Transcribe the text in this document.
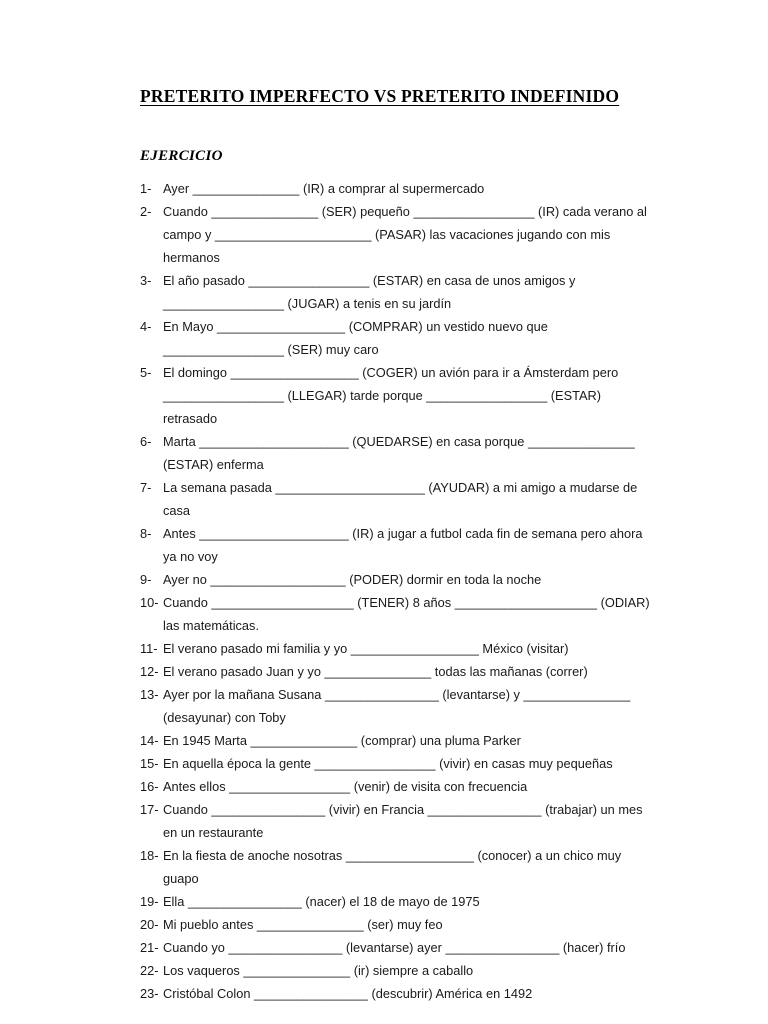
PRETERITO IMPERFECTO VS PRETERITO INDEFINIDO
EJERCICIO
1- Ayer _______________ (IR) a comprar al supermercado
2- Cuando _______________ (SER) pequeño _________________ (IR) cada verano al campo y ______________________ (PASAR) las vacaciones jugando con mis hermanos
3- El año pasado _________________ (ESTAR) en casa de unos amigos y _________________ (JUGAR) a tenis en su jardín
4- En Mayo __________________ (COMPRAR) un vestido nuevo que _________________ (SER) muy caro
5- El domingo __________________ (COGER) un avión para ir a Ámsterdam pero _________________ (LLEGAR) tarde porque _________________ (ESTAR) retrasado
6- Marta _____________________ (QUEDARSE) en casa porque _______________ (ESTAR) enferma
7- La semana pasada _____________________ (AYUDAR) a mi amigo a mudarse de casa
8- Antes _____________________ (IR) a jugar a futbol cada fin de semana pero ahora ya no voy
9- Ayer no ___________________ (PODER) dormir en toda la noche
10- Cuando ____________________ (TENER) 8 años ____________________ (ODIAR) las matemáticas.
11- El verano pasado mi familia y yo __________________ México (visitar)
12- El verano pasado Juan y yo _______________ todas las mañanas (correr)
13- Ayer por la mañana Susana ________________ (levantarse) y _______________ (desayunar) con Toby
14- En 1945 Marta _______________ (comprar) una pluma Parker
15- En aquella época la gente _________________ (vivir) en casas muy pequeñas
16- Antes ellos _________________ (venir) de visita con frecuencia
17- Cuando ________________ (vivir) en Francia ________________ (trabajar) un mes en un restaurante
18- En la fiesta de anoche nosotras __________________ (conocer) a un chico muy guapo
19- Ella ________________ (nacer) el 18 de mayo de 1975
20- Mi pueblo antes _______________ (ser) muy feo
21- Cuando yo ________________ (levantarse) ayer ________________ (hacer) frío
22- Los vaqueros _______________ (ir) siempre a caballo
23- Cristóbal Colon ________________ (descubrir) América en 1492
